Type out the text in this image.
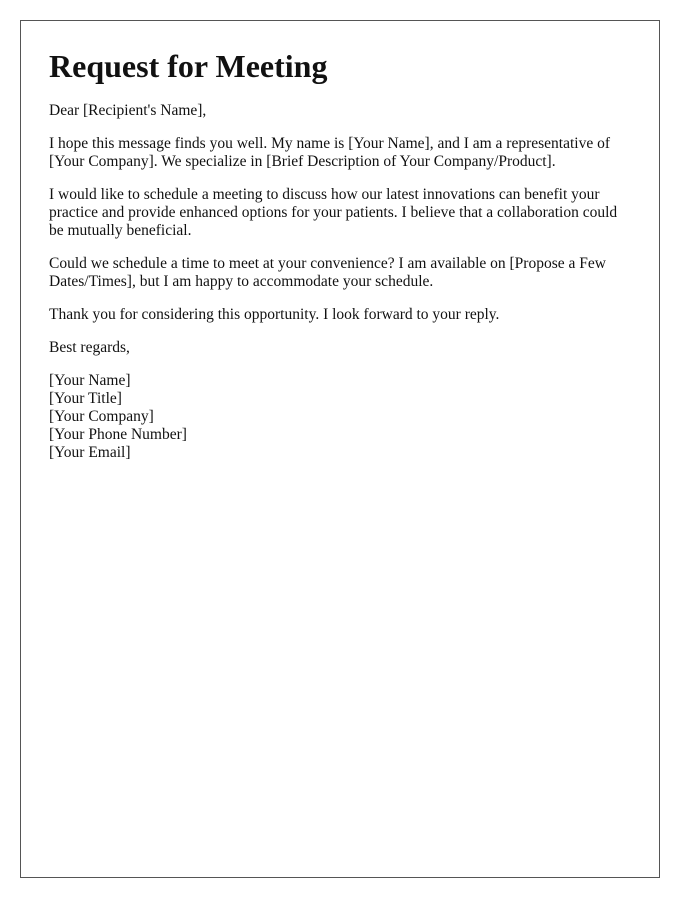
Request for Meeting

Dear [Recipient's Name],

I hope this message finds you well. My name is [Your Name], and I am a representative of [Your Company]. We specialize in [Brief Description of Your Company/Product].

I would like to schedule a meeting to discuss how our latest innovations can benefit your practice and provide enhanced options for your patients. I believe that a collaboration could be mutually beneficial.

Could we schedule a time to meet at your convenience? I am available on [Propose a Few Dates/Times], but I am happy to accommodate your schedule.

Thank you for considering this opportunity. I look forward to your reply.

Best regards,

[Your Name]

[Your Title]

[Your Company]

[Your Phone Number]

[Your Email]
